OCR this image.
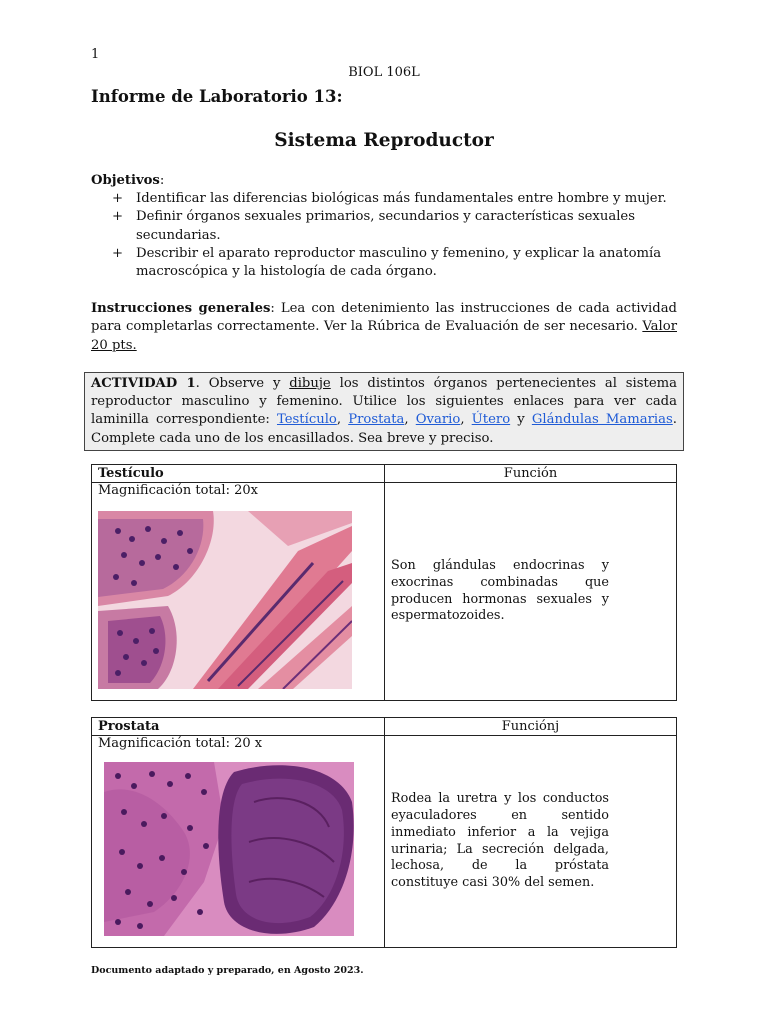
1
BIOL 106L
Informe de Laboratorio 13:
Sistema Reproductor
Objetivos:
+ Identificar las diferencias biológicas más fundamentales entre hombre y mujer.
+ Definir órganos sexuales primarios, secundarios y características sexuales secundarias.
+ Describir el aparato reproductor masculino y femenino, y explicar la anatomía macroscópica y la histología de cada órgano.
Instrucciones generales: Lea con detenimiento las instrucciones de cada actividad para completarlas correctamente. Ver la Rúbrica de Evaluación de ser necesario. Valor 20 pts.
ACTIVIDAD 1. Observe y dibuje los distintos órganos pertenecientes al sistema reproductor masculino y femenino. Utilice los siguientes enlaces para ver cada laminilla correspondiente: Testículo, Prostata, Ovario, Útero y Glándulas Mamarias. Complete cada uno de los encasillados. Sea breve y preciso.
Testículo	Función

Magnificación total: 20x	Son glándulas endocrinas y exocrinas combinadas que producen hormonas sexuales y espermatozoides.
Prostata	Funciónj

Magnificación total: 20 x	Rodea la uretra y los conductos eyaculadores en sentido inmediato inferior a la vejiga urinaria; La secreción delgada, lechosa, de la próstata constituye casi 30% del semen.
Documento adaptado y preparado, en Agosto 2023.
